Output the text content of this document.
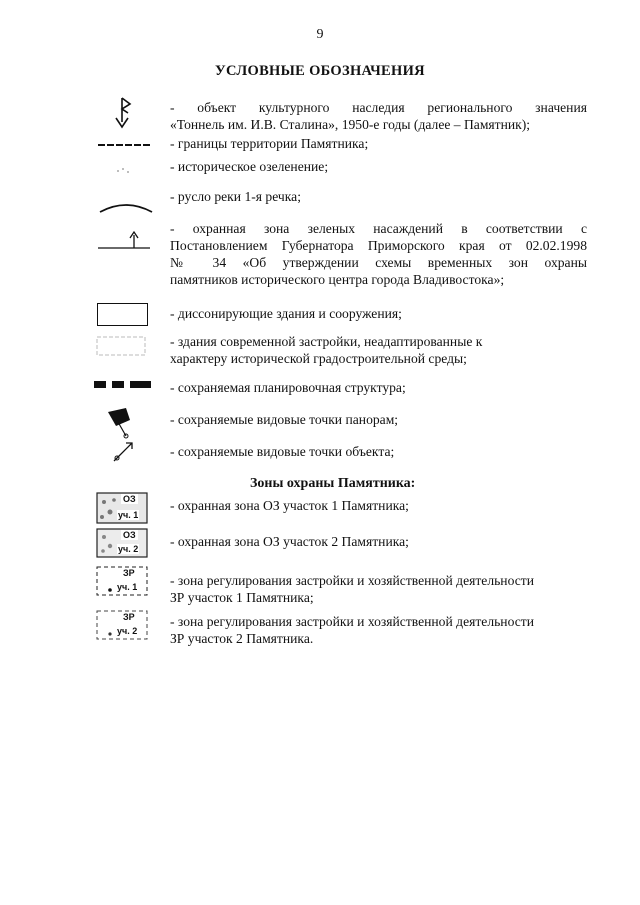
9
УСЛОВНЫЕ ОБОЗНАЧЕНИЯ
- объект культурного наследия регионального значения
«Тоннель им. И.В. Сталина», 1950-е годы (далее – Памятник);
- границы территории Памятника;
- историческое озеленение;
- русло реки 1-я речка;
- охранная зона зеленых насаждений в соответствии с
Постановлением Губернатора Приморского края от 02.02.1998
№ 34 «Об утверждении схемы временных зон охраны
памятников исторического центра города Владивостока»;
- диссонирующие здания и сооружения;
- здания современной застройки, неадаптированные к
характеру исторической градостроительной среды;
- сохраняемая планировочная структура;
- сохраняемые видовые точки панорам;
- сохраняемые видовые точки объекта;
Зоны охраны Памятника:
ОЗ
уч. 1
- охранная зона ОЗ участок 1 Памятника;
ОЗ
уч. 2 - охранная зона ОЗ участок 2 Памятника;
ЗР
уч. 1 - зона регулирования застройки и хозяйственной деятельности
ЗР участок 1 Памятника;
ЗР
уч. 2
- зона регулирования застройки и хозяйственной деятельности
ЗР участок 2 Памятника.
